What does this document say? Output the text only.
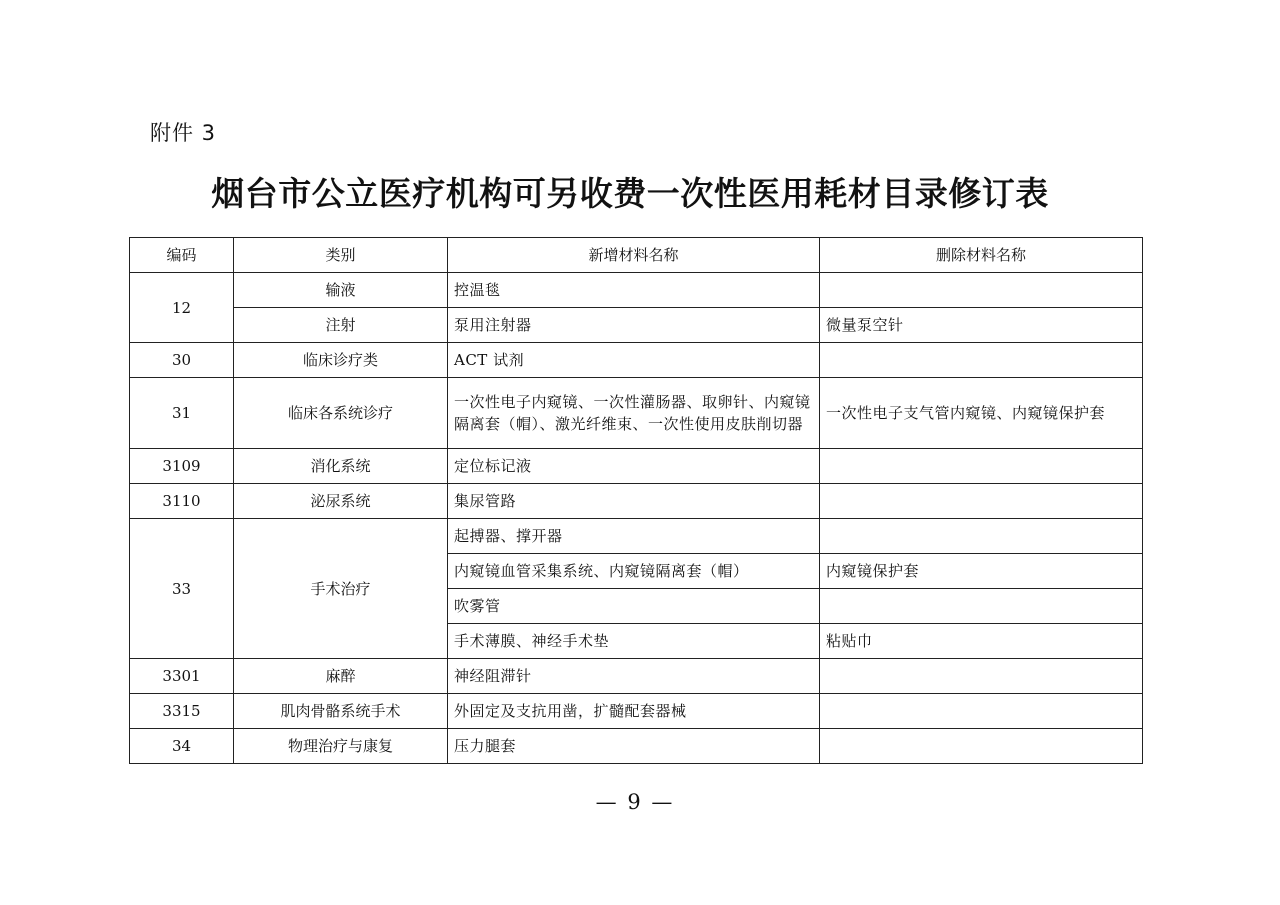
附件 3
烟台市公立医疗机构可另收费一次性医用耗材目录修订表
编码	类别	新增材料名称	删除材料名称
12	输液	控温毯	
	注射	泵用注射器	微量泵空针
30	临床诊疗类	ACT 试剂	
31	临床各系统诊疗	一次性电子内窥镜、一次性灌肠器、取卵针、内窥镜隔离套（帽）、激光纤维束、一次性使用皮肤削切器	一次性电子支气管内窥镜、内窥镜保护套
3109	消化系统	定位标记液	
3110	泌尿系统	集尿管路	
33	手术治疗	起搏器、撑开器	
		内窥镜血管采集系统、内窥镜隔离套（帽）	内窥镜保护套
		吹雾管	
		手术薄膜、神经手术垫	粘贴巾
3301	麻醉	神经阻滞针	
3315	肌肉骨骼系统手术	外固定及支抗用凿，扩髓配套器械	
34	物理治疗与康复	压力腿套	
— 9 —
